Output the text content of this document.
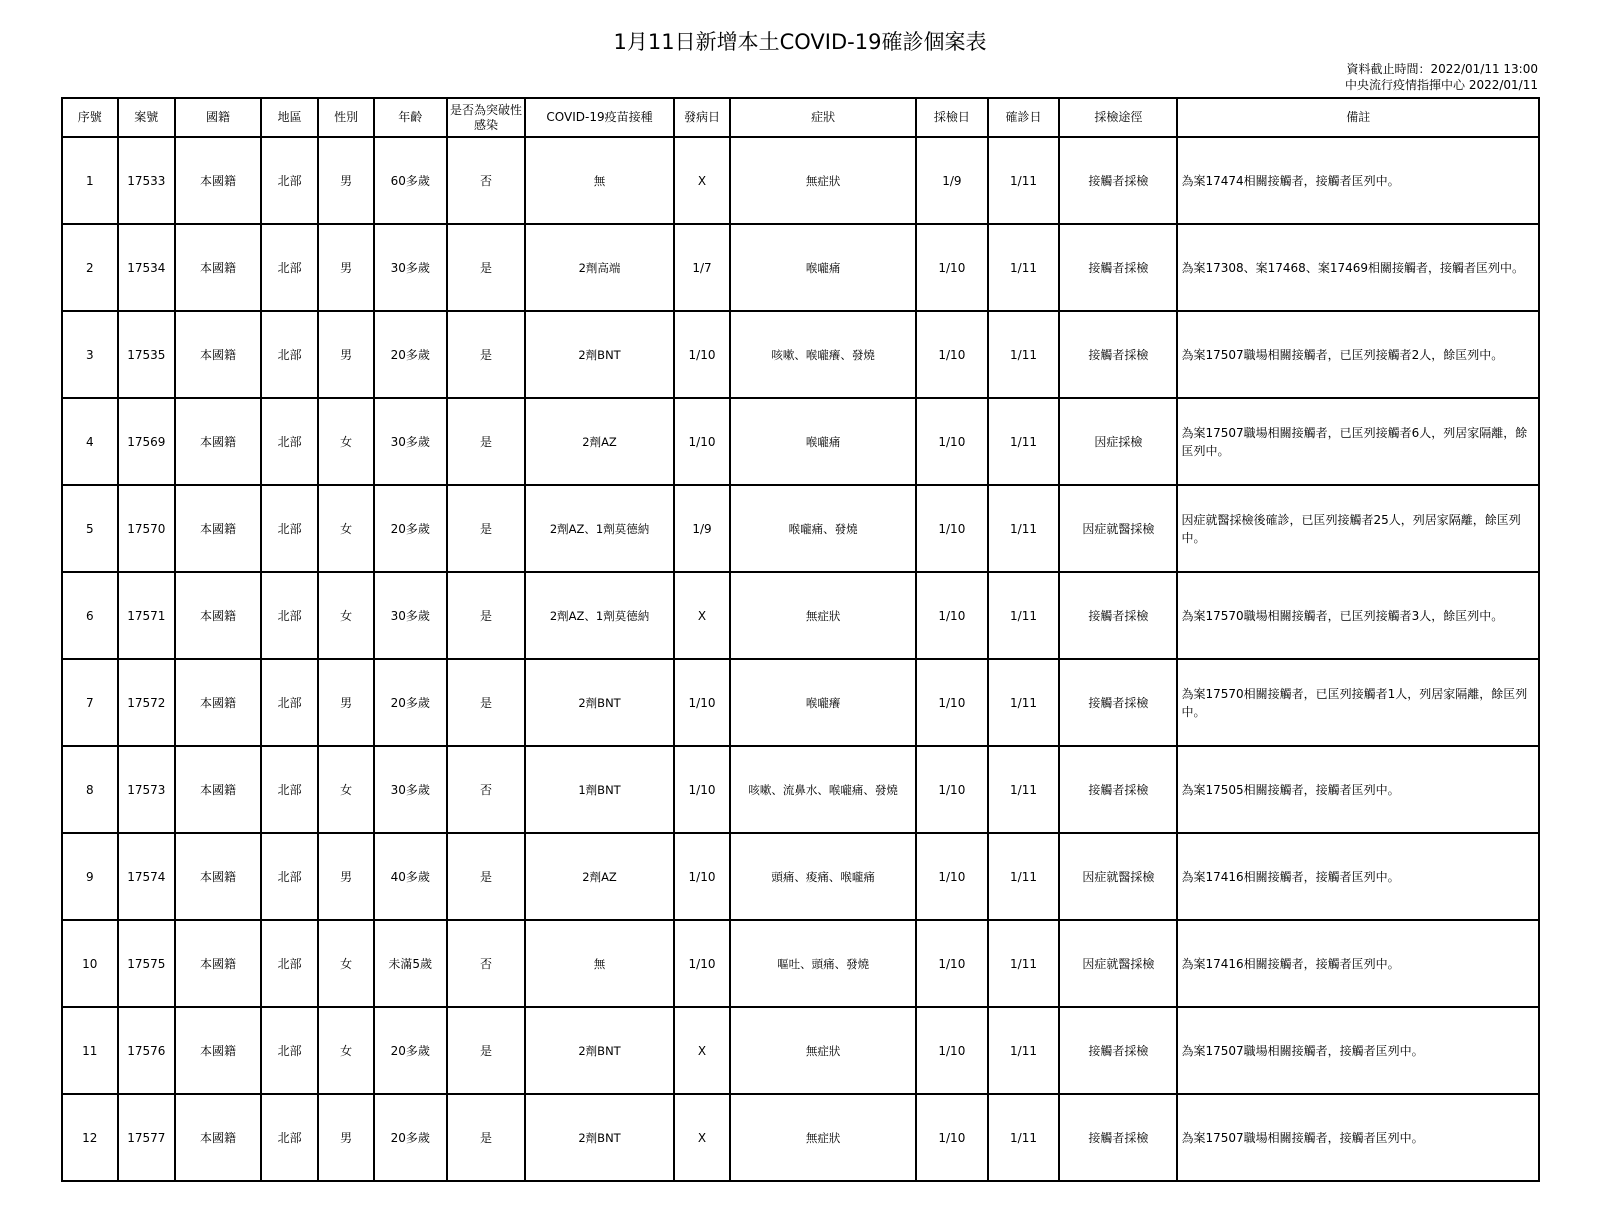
1月11日新增本土COVID-19確診個案表
資料截止時間：2022/01/11 13:00
中央流行疫情指揮中心 2022/01/11
序號	案號	國籍	地區	性別	年齡	是否為突破性感染	COVID-19疫苗接種	發病日	症狀	採檢日	確診日	採檢途徑	備註
1	17533	本國籍	北部	男	60多歲	否	無	X	無症狀	1/9	1/11	接觸者採檢	為案17474相關接觸者，接觸者匡列中。
2	17534	本國籍	北部	男	30多歲	是	2劑高端	1/7	喉嚨痛	1/10	1/11	接觸者採檢	為案17308、案17468、案17469相關接觸者，接觸者匡列中。
3	17535	本國籍	北部	男	20多歲	是	2劑BNT	1/10	咳嗽、喉嚨癢、發燒	1/10	1/11	接觸者採檢	為案17507職場相關接觸者，已匡列接觸者2人，餘匡列中。
4	17569	本國籍	北部	女	30多歲	是	2劑AZ	1/10	喉嚨痛	1/10	1/11	因症採檢	為案17507職場相關接觸者，已匡列接觸者6人，列居家隔離，餘匡列中。
5	17570	本國籍	北部	女	20多歲	是	2劑AZ、1劑莫德納	1/9	喉嚨痛、發燒	1/10	1/11	因症就醫採檢	因症就醫採檢後確診，已匡列接觸者25人，列居家隔離，餘匡列中。
6	17571	本國籍	北部	女	30多歲	是	2劑AZ、1劑莫德納	X	無症狀	1/10	1/11	接觸者採檢	為案17570職場相關接觸者，已匡列接觸者3人，餘匡列中。
7	17572	本國籍	北部	男	20多歲	是	2劑BNT	1/10	喉嚨癢	1/10	1/11	接觸者採檢	為案17570相關接觸者，已匡列接觸者1人，列居家隔離，餘匡列中。
8	17573	本國籍	北部	女	30多歲	否	1劑BNT	1/10	咳嗽、流鼻水、喉嚨痛、發燒	1/10	1/11	接觸者採檢	為案17505相關接觸者，接觸者匡列中。
9	17574	本國籍	北部	男	40多歲	是	2劑AZ	1/10	頭痛、痠痛、喉嚨痛	1/10	1/11	因症就醫採檢	為案17416相關接觸者，接觸者匡列中。
10	17575	本國籍	北部	女	未滿5歲	否	無	1/10	嘔吐、頭痛、發燒	1/10	1/11	因症就醫採檢	為案17416相關接觸者，接觸者匡列中。
11	17576	本國籍	北部	女	20多歲	是	2劑BNT	X	無症狀	1/10	1/11	接觸者採檢	為案17507職場相關接觸者，接觸者匡列中。
12	17577	本國籍	北部	男	20多歲	是	2劑BNT	X	無症狀	1/10	1/11	接觸者採檢	為案17507職場相關接觸者，接觸者匡列中。
